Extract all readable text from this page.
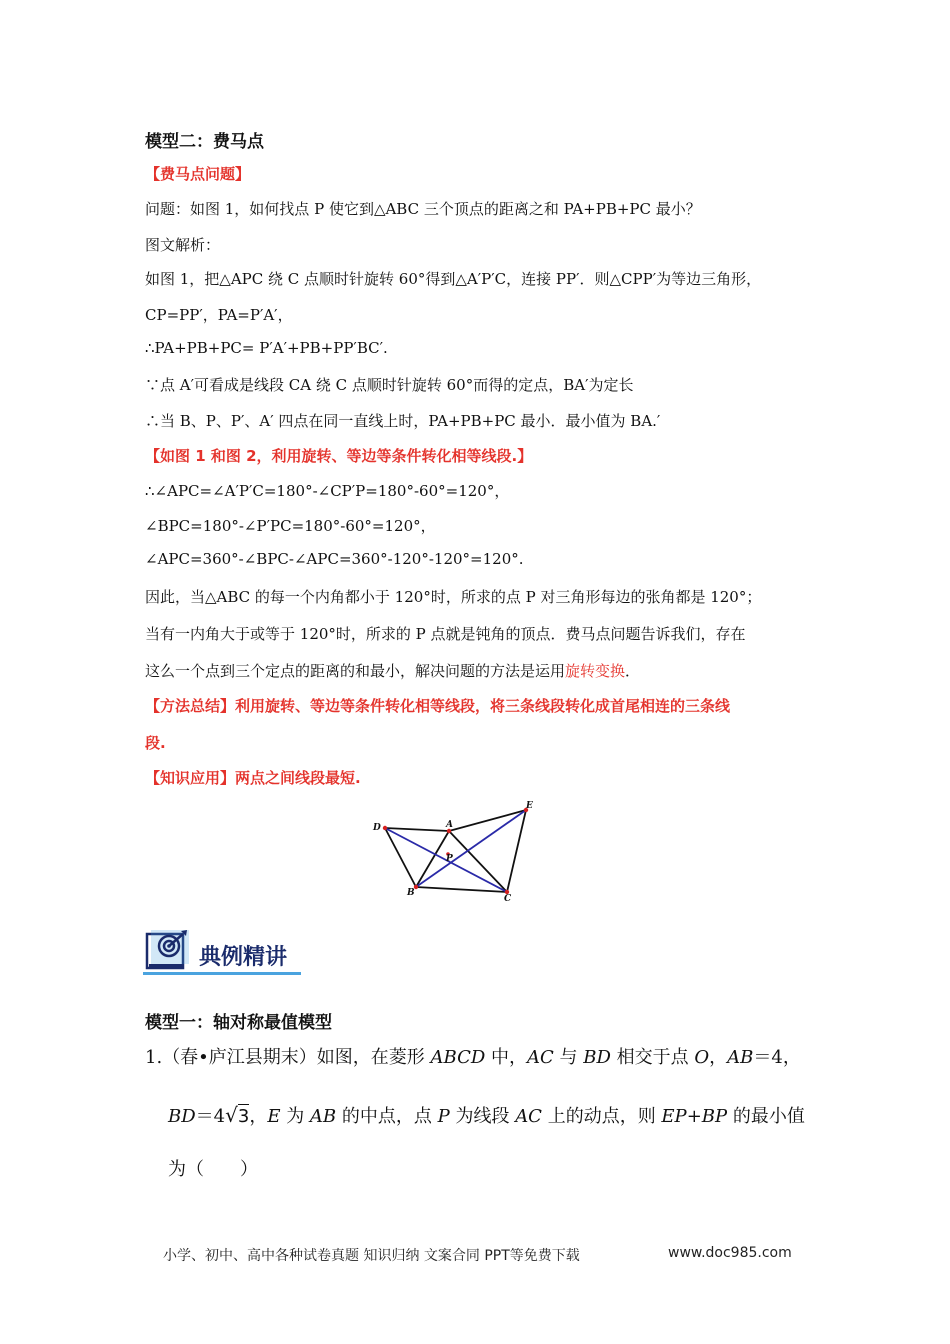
模型二：费马点
【费马点问题】
问题：如图 1，如何找点 P 使它到△ABC 三个顶点的距离之和 PA+PB+PC 最小？
图文解析：
如图 1，把△APC 绕 C 点顺时针旋转 60°得到△A′P′C，连接 PP′．则△CPP′为等边三角形，
CP=PP′，PA=P′A′，
∴PA+PB+PC= P′A′+PB+PP′BC′.
∵点 A′可看成是线段 CA 绕 C 点顺时针旋转 60°而得的定点，BA′为定长
∴当 B、P、P′、A′ 四点在同一直线上时，PA+PB+PC 最小．最小值为 BA.′
【如图 1 和图 2，利用旋转、等边等条件转化相等线段.】
∴∠APC=∠A′P′C=180°-∠CP′P=180°-60°=120°，
∠BPC=180°-∠P′PC=180°-60°=120°，
∠APC=360°-∠BPC-∠APC=360°-120°-120°=120°.
因此，当△ABC 的每一个内角都小于 120°时，所求的点 P 对三角形每边的张角都是 120°；
当有一内角大于或等于 120°时，所求的 P 点就是钝角的顶点．费马点问题告诉我们，存在
这么一个点到三个定点的距离的和最小，解决问题的方法是运用旋转变换．
【方法总结】利用旋转、等边等条件转化相等线段，将三条线段转化成首尾相连的三条线
段.
【知识应用】两点之间线段最短.
D	A
E
P
B
C
典例精讲
模型一：轴对称最值模型
1.（春•庐江县期末）如图，在菱形 ABCD 中，AC 与 BD 相交于点 O，AB＝4，
BD＝4√3，E 为 AB 的中点，点 P 为线段 AC 上的动点，则 EP+BP 的最小值
为（　　）
小学、初中、高中各种试卷真题 知识归纳 文案合同 PPT等免费下载	www.doc985.com
